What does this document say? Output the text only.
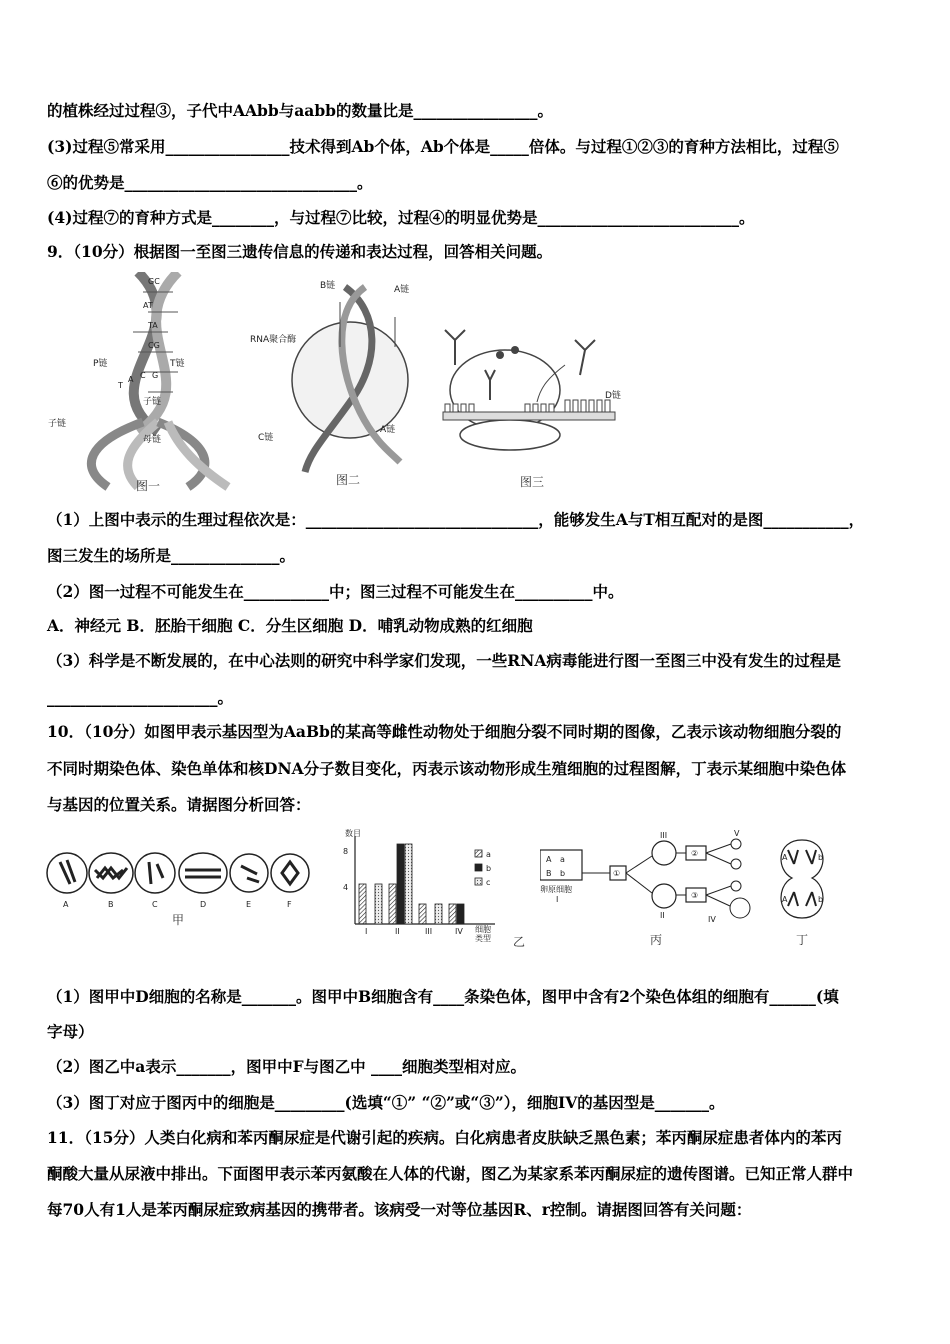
的植株经过过程③，子代中AAbb与aabb的数量比是________________。
(3)过程⑤常采用________________技术得到Ab个体，Ab个体是_____倍体。与过程①②③的育种方法相比，过程⑤
⑥的优势是______________________________。
(4)过程⑦的育种方式是________，与过程⑦比较，过程④的明显优势是__________________________。
9．（10分）根据图一至图三遗传信息的传递和表达过程，回答相关问题。
GC
AT
TA
CG
P链	T链
T
A C G
子链
子链
母链
图一
B链	A链
RNA聚合酶
C链
A链
图二
D链
图三
（1）上图中表示的生理过程依次是：______________________________，能够发生A与T相互配对的是图___________，
图三发生的场所是______________。
（2）图一过程不可能发生在___________中；图三过程不可能发生在__________中。
A．神经元 B．胚胎干细胞 C．分生区细胞 D．哺乳动物成熟的红细胞
（3）科学是不断发展的，在中心法则的研究中科学家们发现，一些RNA病毒能进行图一至图三中没有发生的过程是
______________________。
10．（10分）如图甲表示基因型为AaBb的某高等雌性动物处于细胞分裂不同时期的图像，乙表示该动物细胞分裂的
不同时期染色体、染色单体和核DNA分子数目变化，丙表示该动物形成生殖细胞的过程图解，丁表示某细胞中染色体
与基因的位置关系。请据图分析回答：
A	B	C	D	E	F
甲
数目
8
4
细胞
类型
I	II	III	IV
a
b
c
乙
A a
B b	①
②
③
卵原细胞
I
II
III
IV
V
丙
A	b
A	b
丁
（1）图甲中D细胞的名称是_______。图甲中B细胞含有____条染色体，图甲中含有2个染色体组的细胞有______(填
字母）
（2）图乙中a表示_______，图甲中F与图乙中 ____细胞类型相对应。
（3）图丁对应于图丙中的细胞是_________(选填“①” “②”或“③”），细胞IV的基因型是_______。
11．（15分）人类白化病和苯丙酮尿症是代谢引起的疾病。白化病患者皮肤缺乏黑色素；苯丙酮尿症患者体内的苯丙
酮酸大量从尿液中排出。下面图甲表示苯丙氨酸在人体的代谢，图乙为某家系苯丙酮尿症的遗传图谱。已知正常人群中
每70人有1人是苯丙酮尿症致病基因的携带者。该病受一对等位基因R、r控制。请据图回答有关问题：
